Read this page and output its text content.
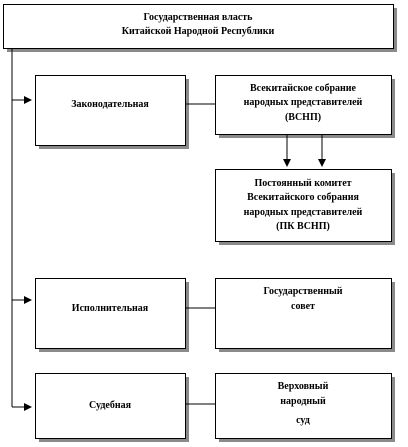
Государственная власть
Китайской Народной Республики
Законодательная
Исполнительная
Судебная
Всекитайское собрание
народных представителей
(ВСНП)
Постоянный комитет
Всекитайского собрания
народных представителей
(ПК ВСНП)
Государственный
совет
Верховный
народный
суд
